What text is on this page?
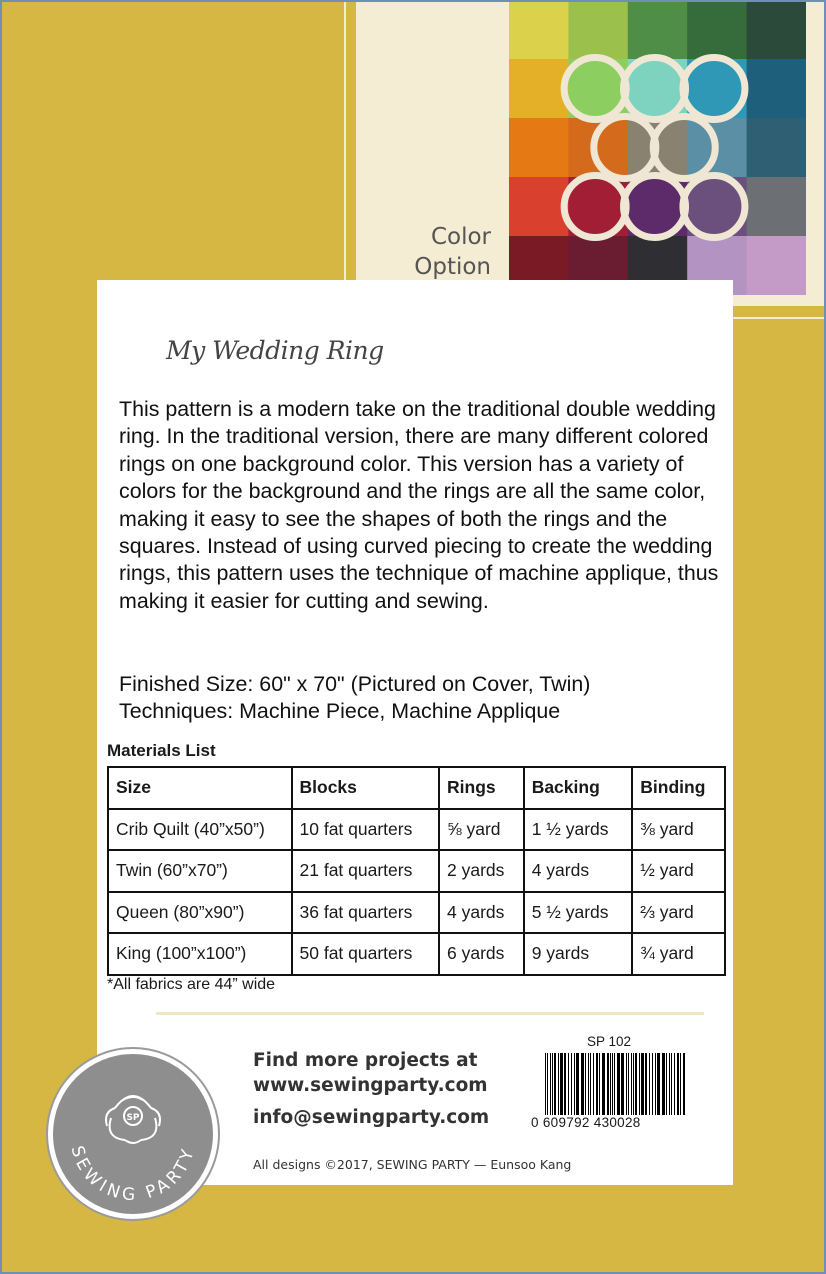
Color
Option
My Wedding Ring
This pattern is a modern take on the traditional double wedding ring. In the traditional version, there are many different colored rings on one background color. This version has a variety of colors for the background and the rings are all the same color, making it easy to see the shapes of both the rings and the squares. Instead of using curved piecing to create the wedding rings, this pattern uses the technique of machine applique, thus making it easier for cutting and sewing.
Finished Size: 60" x 70" (Pictured on Cover, Twin)
Techniques: Machine Piece, Machine Applique
Materials List
Size	Blocks	Rings	Backing	Binding
Crib Quilt (40”x50”)	10 fat quarters	⅝ yard	1 ½ yards	⅜ yard
Twin (60”x70”)	21 fat quarters	2 yards	4 yards	½ yard
Queen (80”x90”)	36 fat quarters	4 yards	5 ½ yards	⅔ yard
King (100”x100”)	50 fat quarters	6 yards	9 yards	¾ yard
*All fabrics are 44” wide
Find more projects at
www.sewingparty.com
info@sewingparty.com
All designs ©2017, SEWING PARTY — Eunsoo Kang
SP 102
0 609792 430028
SP
SEWING PARTY
